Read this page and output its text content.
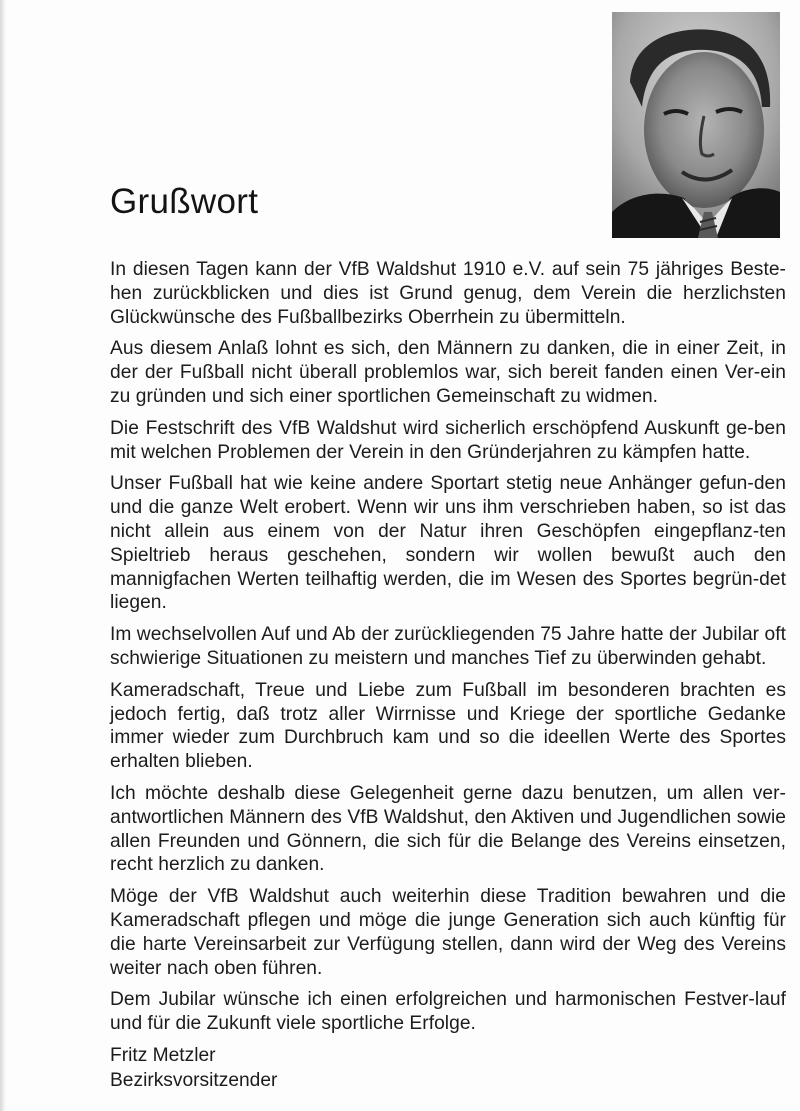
Grußwort

In diesen Tagen kann der VfB Waldshut 1910 e.V. auf sein 75 jähriges Beste-hen zurückblicken und dies ist Grund genug, dem Verein die herzlichsten Glückwünsche des Fußballbezirks Oberrhein zu übermitteln.

Aus diesem Anlaß lohnt es sich, den Männern zu danken, die in einer Zeit, in der der Fußball nicht überall problemlos war, sich bereit fanden einen Ver-ein zu gründen und sich einer sportlichen Gemeinschaft zu widmen.

Die Festschrift des VfB Waldshut wird sicherlich erschöpfend Auskunft ge-ben mit welchen Problemen der Verein in den Gründerjahren zu kämpfen hatte.

Unser Fußball hat wie keine andere Sportart stetig neue Anhänger gefun-den und die ganze Welt erobert. Wenn wir uns ihm verschrieben haben, so ist das nicht allein aus einem von der Natur ihren Geschöpfen eingepflanz-ten Spieltrieb heraus geschehen, sondern wir wollen bewußt auch den mannigfachen Werten teilhaftig werden, die im Wesen des Sportes begrün-det liegen.

Im wechselvollen Auf und Ab der zurückliegenden 75 Jahre hatte der Jubilar oft schwierige Situationen zu meistern und manches Tief zu überwinden gehabt.

Kameradschaft, Treue und Liebe zum Fußball im besonderen brachten es jedoch fertig, daß trotz aller Wirrnisse und Kriege der sportliche Gedanke immer wieder zum Durchbruch kam und so die ideellen Werte des Sportes erhalten blieben.

Ich möchte deshalb diese Gelegenheit gerne dazu benutzen, um allen ver-antwortlichen Männern des VfB Waldshut, den Aktiven und Jugendlichen sowie allen Freunden und Gönnern, die sich für die Belange des Vereins einsetzen, recht herzlich zu danken.

Möge der VfB Waldshut auch weiterhin diese Tradition bewahren und die Kameradschaft pflegen und möge die junge Generation sich auch künftig für die harte Vereinsarbeit zur Verfügung stellen, dann wird der Weg des Vereins weiter nach oben führen.

Dem Jubilar wünsche ich einen erfolgreichen und harmonischen Festver-lauf und für die Zukunft viele sportliche Erfolge.

Fritz Metzler
Bezirksvorsitzender
